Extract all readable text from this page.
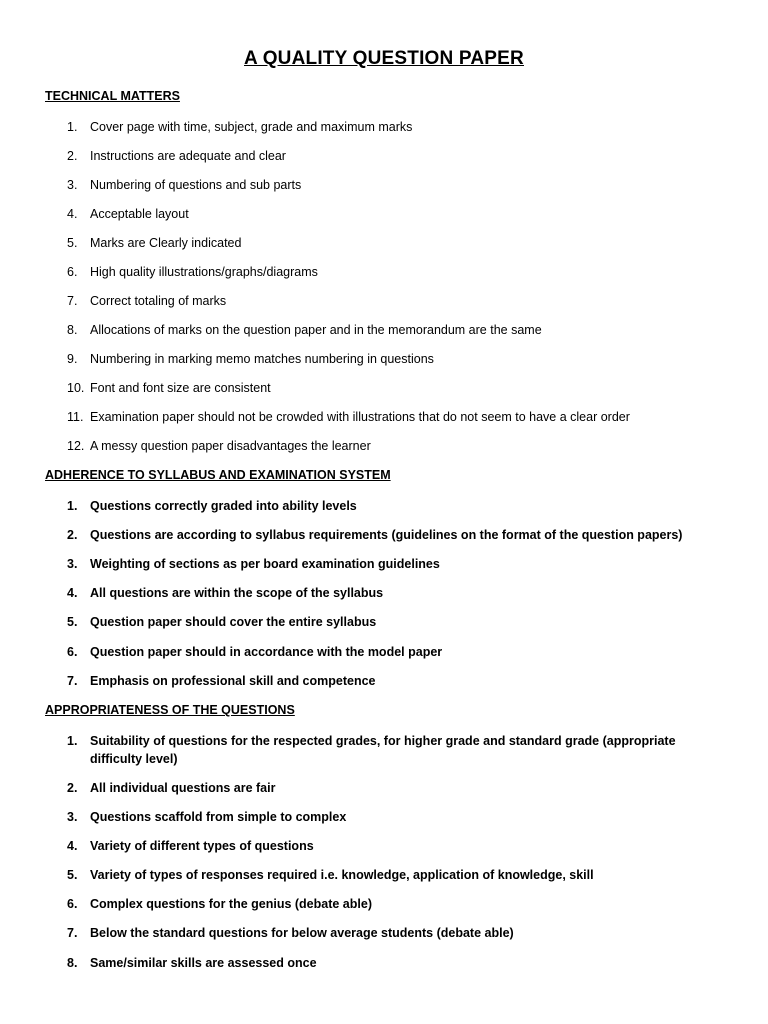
A QUALITY QUESTION PAPER
TECHNICAL MATTERS
1. Cover page with time, subject, grade and maximum marks
2. Instructions are adequate and clear
3. Numbering of questions and sub parts
4. Acceptable layout
5. Marks are Clearly indicated
6. High quality illustrations/graphs/diagrams
7. Correct totaling of marks
8. Allocations of marks on the question paper and in the memorandum are the same
9. Numbering in marking memo matches numbering in questions
10. Font and font size are consistent
11. Examination paper should not be crowded with illustrations that do not seem to have a clear order
12. A messy question paper disadvantages the learner
ADHERENCE TO SYLLABUS AND EXAMINATION SYSTEM
1. Questions correctly graded into ability levels
2. Questions are according to syllabus requirements (guidelines on the format of the question papers)
3. Weighting of sections as per board examination guidelines
4. All questions are within the scope of the syllabus
5. Question paper should cover the entire syllabus
6. Question paper should in accordance with the model paper
7. Emphasis on professional skill and competence
APPROPRIATENESS OF THE QUESTIONS
1. Suitability of questions for the respected grades, for higher grade and standard grade (appropriate difficulty level)
2. All individual questions are fair
3. Questions scaffold from simple to complex
4. Variety of different types of questions
5. Variety of types of responses required i.e. knowledge, application of knowledge, skill
6. Complex questions for the genius (debate able)
7. Below the standard questions for below average students (debate able)
8. Same/similar skills are assessed once
